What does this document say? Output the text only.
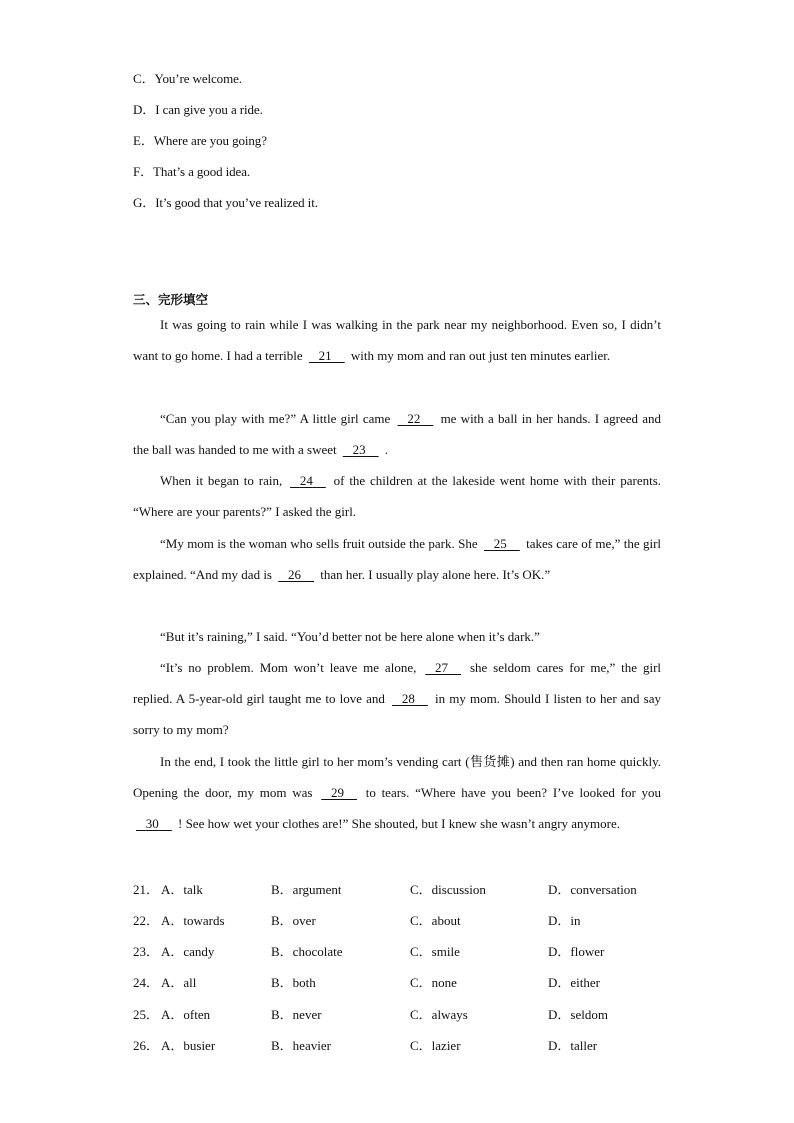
C．You’re welcome.
D．I can give you a ride.
E．Where are you going?
F．That’s a good idea.
G．It’s good that you’ve realized it.
三、完形填空

It was going to rain while I was walking in the park near my neighborhood. Even so, I didn’t want to go home. I had a terrible 21 with my mom and ran out just ten minutes earlier.

“Can you play with me?” A little girl came 22 me with a ball in her hands. I agreed and the ball was handed to me with a sweet 23 .

When it began to rain, 24 of the children at the lakeside went home with their parents. “Where are your parents?” I asked the girl.

“My mom is the woman who sells fruit outside the park. She 25 takes care of me,” the girl explained. “And my dad is 26 than her. I usually play alone here. It’s OK.”

“But it’s raining,” I said. “You’d better not be here alone when it’s dark.”

“It’s no problem. Mom won’t leave me alone, 27 she seldom cares for me,” the girl replied. A 5-year-old girl taught me to love and 28 in my mom. Should I listen to her and say sorry to my mom?

In the end, I took the little girl to her mom’s vending cart (售货摊) and then ran home quickly. Opening the door, my mom was 29 to tears. “Where have you been? I’ve looked for you    30 ! See how wet your clothes are!” She shouted, but I knew she wasn’t angry anymore.

21． A．talk	B．argument	C．discussion	D．conversation
22． A．towards	B．over	C．about	D．in
23． A．candy	B．chocolate	C．smile	D．flower
24． A．all	B．both	C．none	D．either
25． A．often	B．never	C．always	D．seldom
26． A．busier	B．heavier	C．lazier	D．taller
